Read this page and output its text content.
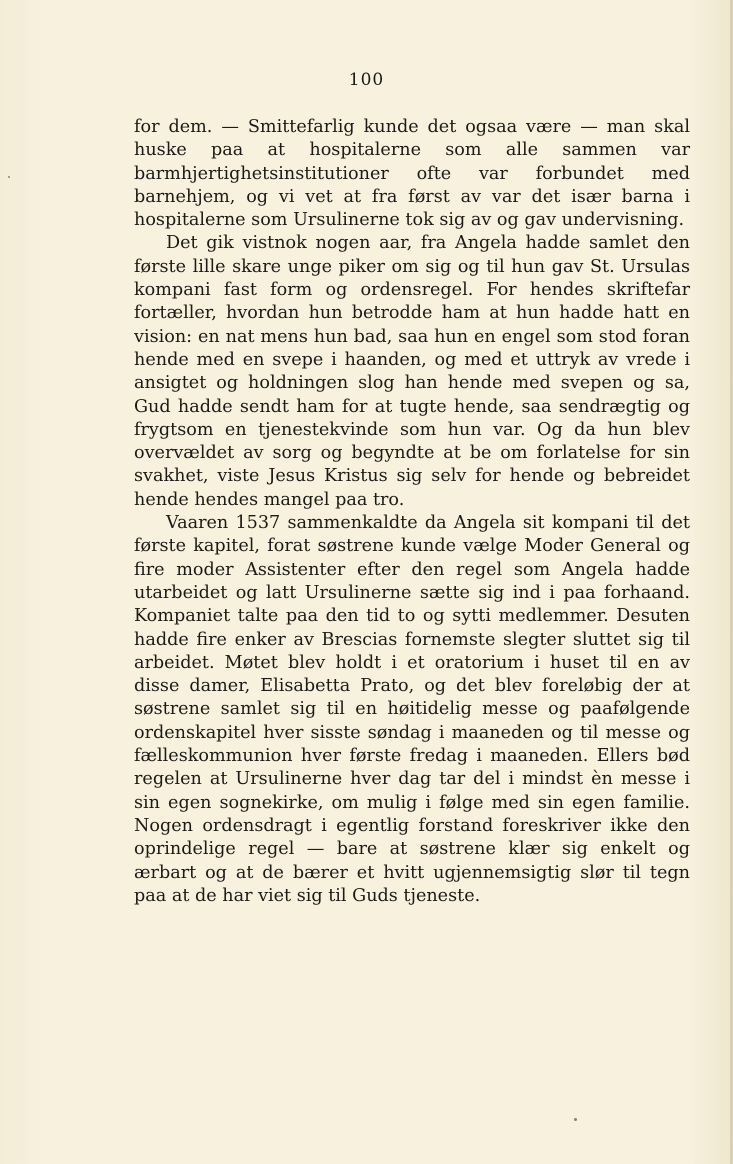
100

for dem. — Smittefarlig kunde det ogsaa være — man skal huske paa at hospitalerne som alle sammen var barmhjertighetsinstitutioner ofte var forbundet med barnehjem, og vi vet at fra først av var det især barna i hospitalerne som Ursulinerne tok sig av og gav undervisning.

Det gik vistnok nogen aar, fra Angela hadde samlet den første lille skare unge piker om sig og til hun gav St. Ursulas kompani fast form og ordensregel. For hendes skriftefar fortæller, hvordan hun betrodde ham at hun hadde hatt en vision: en nat mens hun bad, saa hun en engel som stod foran hende med en svepe i haanden, og med et uttryk av vrede i ansigtet og holdningen slog han hende med svepen og sa, Gud hadde sendt ham for at tugte hende, saa sendrægtig og frygtsom en tjenestekvinde som hun var. Og da hun blev overvældet av sorg og begyndte at be om forlatelse for sin svakhet, viste Jesus Kristus sig selv for hende og bebreidet hende hendes mangel paa tro.

Vaaren 1537 sammenkaldte da Angela sit kompani til det første kapitel, forat søstrene kunde vælge Moder General og fire moder Assistenter efter den regel som Angela hadde utarbeidet og latt Ursulinerne sætte sig ind i paa forhaand. Kompaniet talte paa den tid to og sytti medlemmer. Desuten hadde fire enker av Brescias fornemste slegter sluttet sig til arbeidet. Møtet blev holdt i et oratorium i huset til en av disse damer, Elisabetta Prato, og det blev foreløbig der at søstrene samlet sig til en høitidelig messe og paafølgende ordenskapitel hver sisste søndag i maaneden og til messe og fælleskommunion hver første fredag i maaneden. Ellers bød regelen at Ursulinerne hver dag tar del i mindst èn messe i sin egen sognekirke, om mulig i følge med sin egen familie. Nogen ordensdragt i egentlig forstand foreskriver ikke den oprindelige regel — bare at søstrene klær sig enkelt og ærbart og at de bærer et hvitt ugjennemsigtig slør til tegn paa at de har viet sig til Guds tjeneste.
